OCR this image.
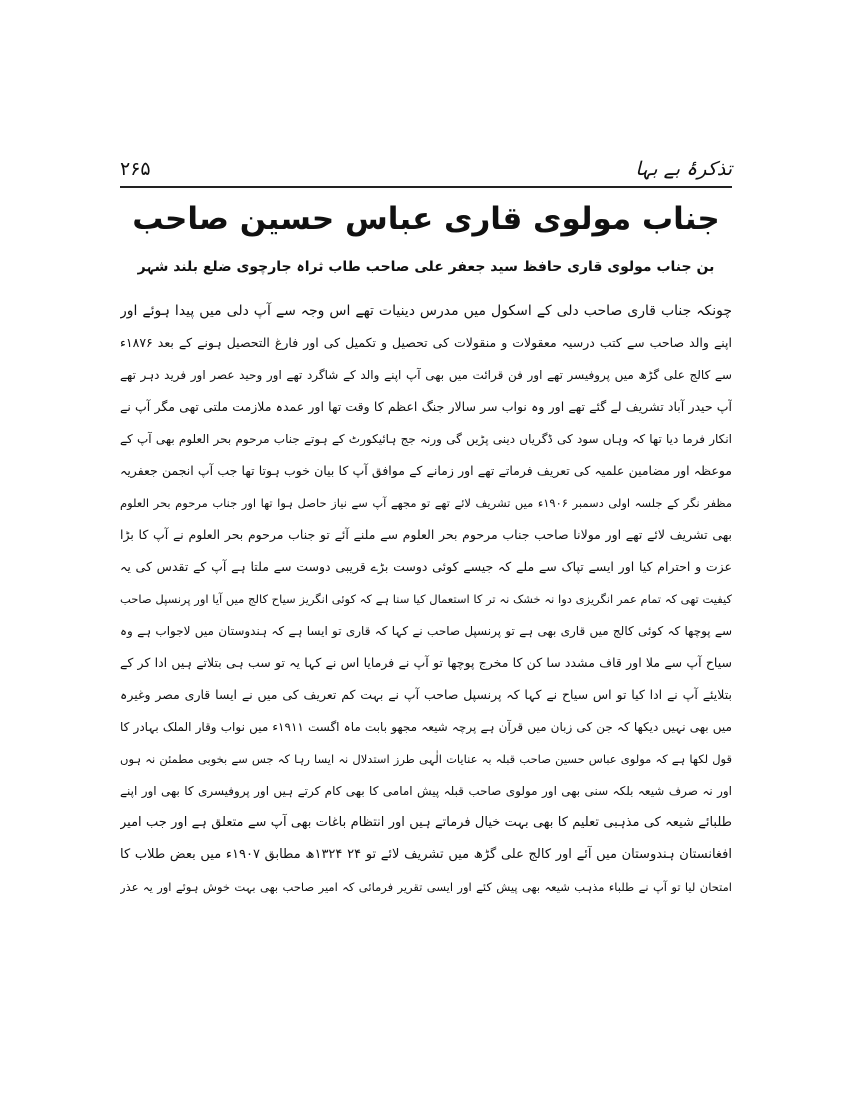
۲۶۵	تذکرۂ بے بہا
جناب مولوی قاری عباس حسین صاحب
بن جناب مولوی قاری حافظ سید جعفر علی صاحب طاب ثراہ جارچوی ضلع بلند شہر
چونکہ جناب قاری صاحب دلی کے اسکول میں مدرس دینیات تھے اس وجہ سے آپ دلی میں پیدا ہوئے اور
اپنے والد صاحب سے کتب درسیہ معقولات و منقولات کی تحصیل و تکمیل کی اور فارغ التحصیل ہونے کے بعد ۱۸۷۶ء
سے کالج علی گڑھ میں پروفیسر تھے اور فن قرائت میں بھی آپ اپنے والد کے شاگرد تھے اور وحید عصر اور فرید دہر تھے
آپ حیدر آباد تشریف لے گئے تھے اور وہ نواب سر سالار جنگ اعظم کا وقت تھا اور عمدہ ملازمت ملتی تھی مگر آپ نے
انکار فرما دیا تھا کہ وہاں سود کی ڈگریاں دینی پڑیں گی ورنہ جج ہائیکورٹ کے ہوتے جناب مرحوم بحر العلوم بھی آپ کے
موعظہ اور مضامین علمیہ کی تعریف فرماتے تھے اور زمانے کے موافق آپ کا بیان خوب ہوتا تھا جب آپ انجمن جعفریہ
مظفر نگر کے جلسہ اولی دسمبر ۱۹۰۶ء میں تشریف لائے تھے تو مجھے آپ سے نیاز حاصل ہوا تھا اور جناب مرحوم بحر العلوم
بھی تشریف لائے تھے اور مولانا صاحب جناب مرحوم بحر العلوم سے ملنے آئے تو جناب مرحوم بحر العلوم نے آپ کا بڑا
عزت و احترام کیا اور ایسے تپاک سے ملے کہ جیسے کوئی دوست بڑے قریبی دوست سے ملتا ہے آپ کے تقدس کی یہ
کیفیت تھی کہ تمام عمر انگریزی دوا نہ خشک نہ تر کا استعمال کیا سنا ہے کہ کوئی انگریز سیاح کالج میں آیا اور پرنسپل صاحب
سے پوچھا کہ کوئی کالج میں قاری بھی ہے تو پرنسپل صاحب نے کہا کہ قاری تو ایسا ہے کہ ہندوستان میں لاجواب ہے وہ
سیاح آپ سے ملا اور قاف مشدد سا کن کا مخرج پوچھا تو آپ نے فرمایا اس نے کہا یہ تو سب ہی بتلاتے ہیں ادا کر کے
بتلایئے آپ نے ادا کیا تو اس سیاح نے کہا کہ پرنسپل صاحب آپ نے بہت کم تعریف کی میں نے ایسا قاری مصر وغیرہ
میں بھی نہیں دیکھا کہ جن کی زبان میں قرآن ہے پرچہ شیعہ مجھو بابت ماہ اگست ۱۹۱۱ء میں نواب وقار الملک بہادر کا
قول لکھا ہے کہ مولوی عباس حسین صاحب قبلہ بہ عنایات الٰہی طرز استدلال نہ ایسا رہا کہ جس سے بخوبی مطمئن نہ ہوں
اور نہ صرف شیعہ بلکہ سنی بھی اور مولوی صاحب قبلہ پیش امامی کا بھی کام کرتے ہیں اور پروفیسری کا بھی اور اپنے
طلبائے شیعہ کی مذہبی تعلیم کا بھی بہت خیال فرماتے ہیں اور انتظام باغات بھی آپ سے متعلق ہے اور جب امیر
افغانستان ہندوستان میں آئے اور کالج علی گڑھ میں تشریف لائے تو ۲۴ ۱۳۲۴ھ مطابق ۱۹۰۷ء میں بعض طلاب کا
امتحان لیا تو آپ نے طلباء مذہب شیعہ بھی پیش کئے اور ایسی تقریر فرمائی کہ امیر صاحب بھی بہت خوش ہوئے اور یہ عذر
